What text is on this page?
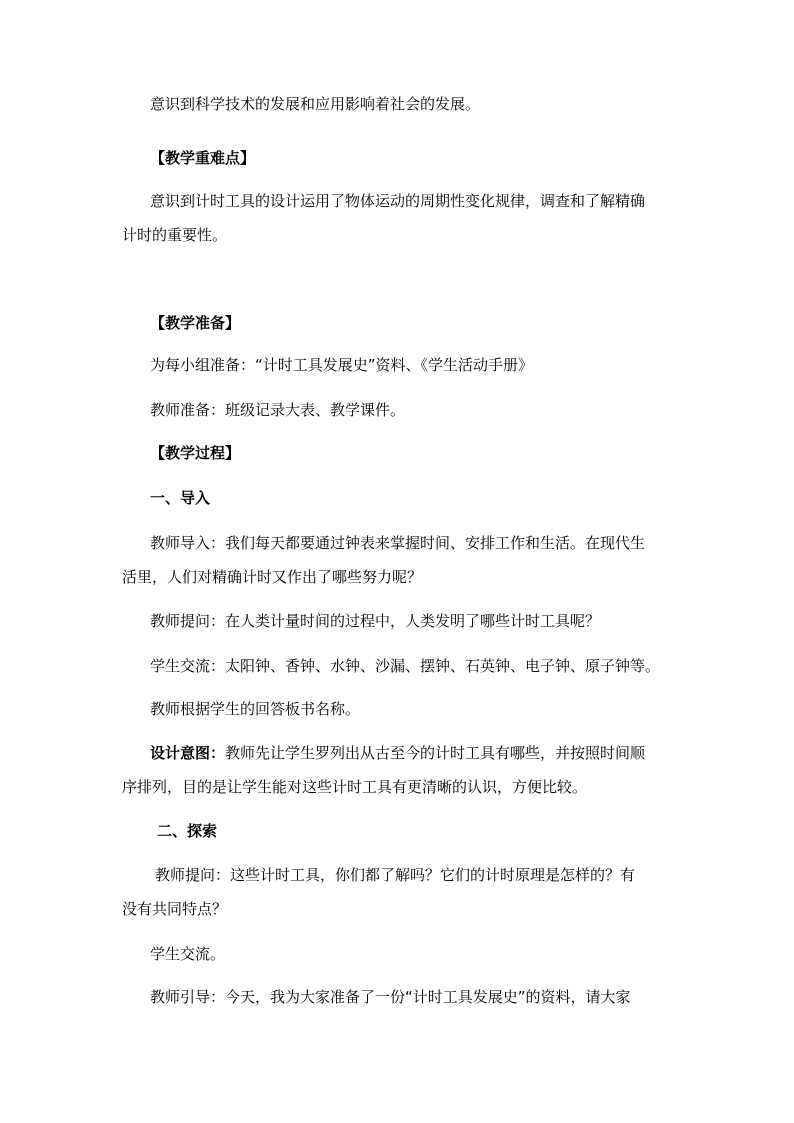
意识到科学技术的发展和应用影响着社会的发展。
【教学重难点】
意识到计时工具的设计运用了物体运动的周期性变化规律，调查和了解精确
计时的重要性。
【教学准备】
为每小组准备：“计时工具发展史”资料、《学生活动手册》
教师准备：班级记录大表、教学课件。
【教学过程】
一、导入
教师导入：我们每天都要通过钟表来掌握时间、安排工作和生活。在现代生
活里，人们对精确计时又作出了哪些努力呢？
教师提问：在人类计量时间的过程中，人类发明了哪些计时工具呢？
学生交流：太阳钟、香钟、水钟、沙漏、摆钟、石英钟、电子钟、原子钟等。
教师根据学生的回答板书名称。
设计意图：教师先让学生罗列出从古至今的计时工具有哪些，并按照时间顺
序排列，目的是让学生能对这些计时工具有更清晰的认识，方便比较。
二、探索
教师提问：这些计时工具，你们都了解吗？它们的计时原理是怎样的？有
没有共同特点？
学生交流。
教师引导：今天，我为大家准备了一份“计时工具发展史”的资料，请大家
